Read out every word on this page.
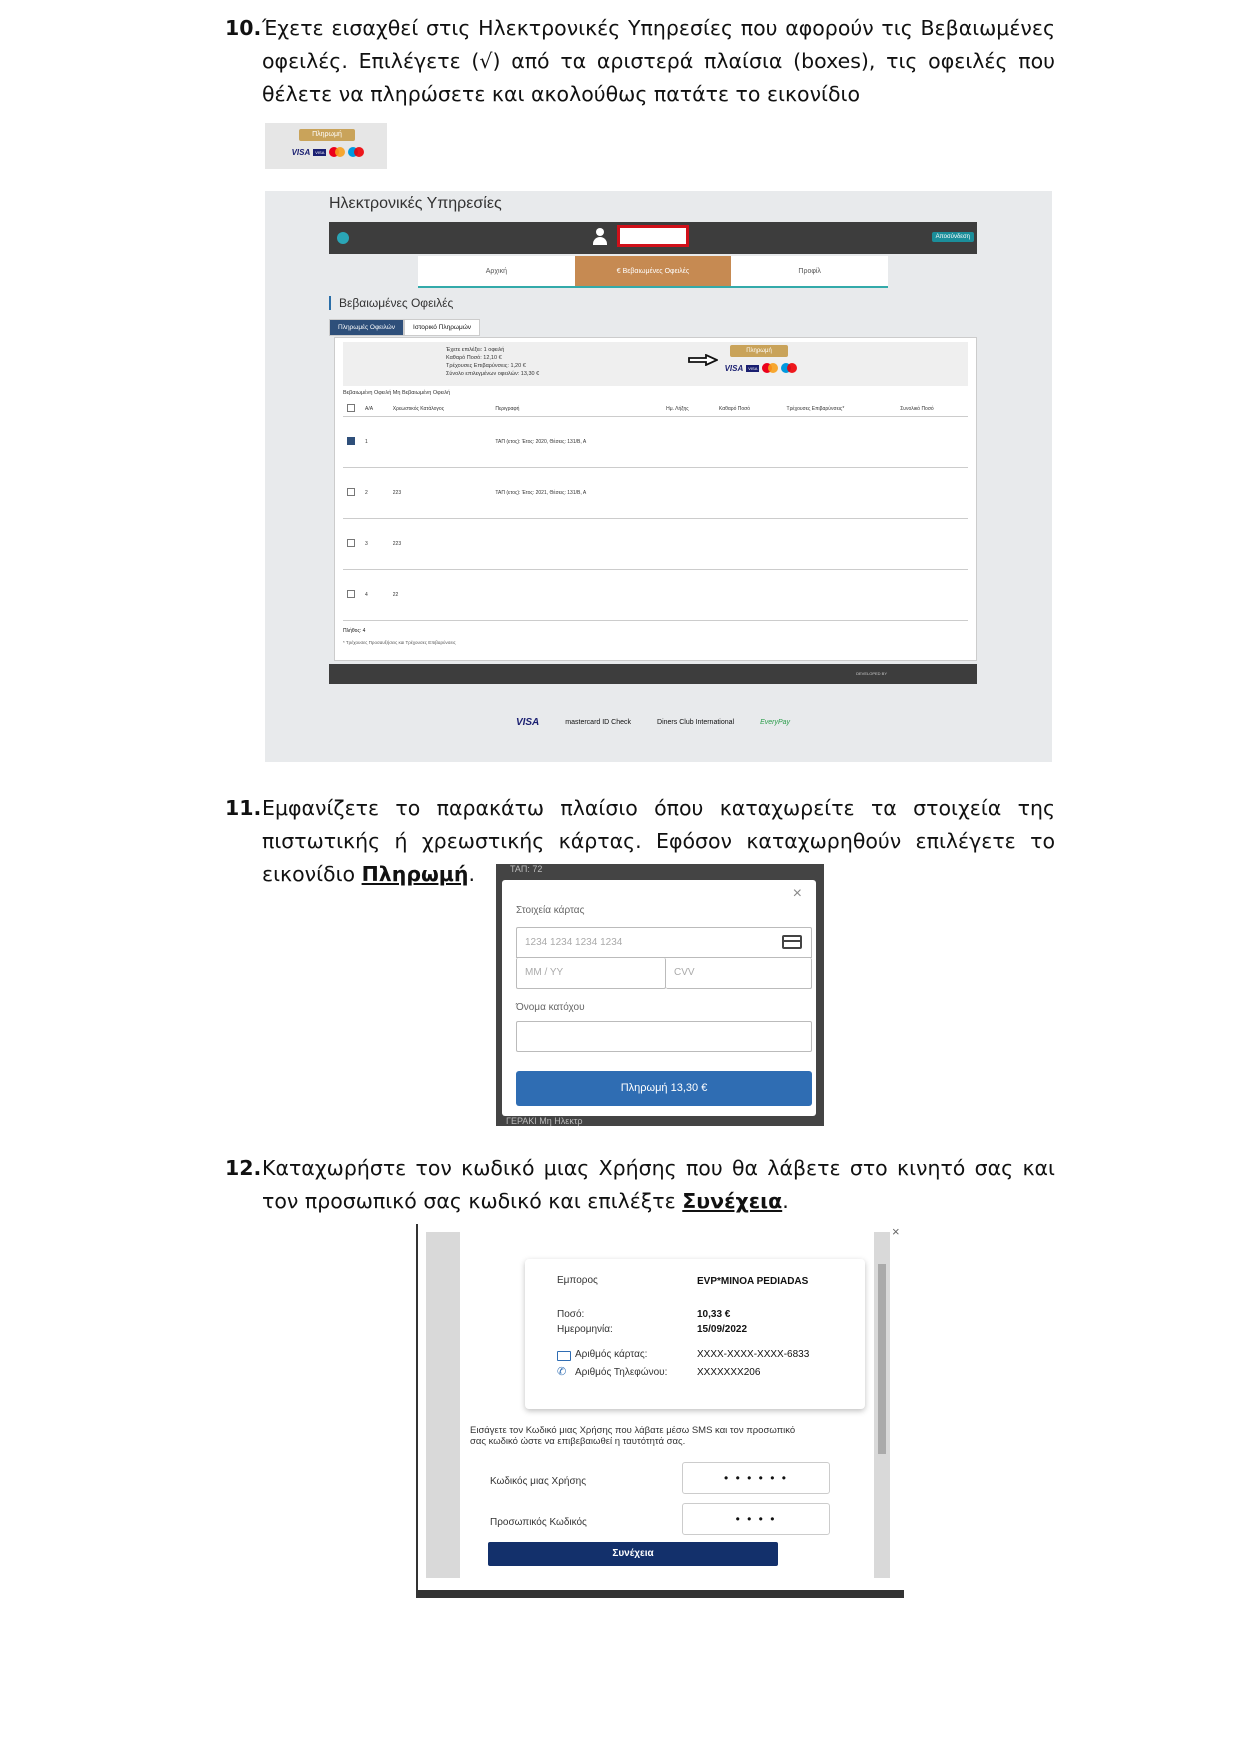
10. Έχετε εισαχθεί στις Ηλεκτρονικές Υπηρεσίες που αφορούν τις Βεβαιωμένες οφειλές. Επιλέγετε (√) από τα αριστερά πλαίσια (boxes), τις οφειλές που θέλετε να πληρώσετε και ακολούθως πατάτε το εικονίδιο
Πληρωμή
VISA	VISA
Ηλεκτρονικές Υπηρεσίες
Αποσύνδεση
Αρχική	€ Βεβαιωμένες Οφειλές	Προφίλ
Βεβαιωμένες Οφειλές
Πληρωμές Οφειλών	Ιστορικό Πληρωμών
Έχετε επιλέξει: 1 οφειλή
Καθαρό Ποσό: 12,10 €
Τρέχουσες Επιβαρύνσεις: 1,20 €
Σύνολο επιλεγμένων οφειλών: 13,30 €
Πληρωμή
VISA	VISA
Βεβαιωμένη Οφειλή Μη Βεβαιωμένη Οφειλή
	Α/Α	Χρεωστικός Κατάλογος	Περιγραφή	Ημ. Λήξης	Καθαρό Ποσό	Τρέχουσες Επιβαρύνσεις*	Συνολικό Ποσό
	1		ΤΑΠ (ετος): Έτος: 2020, Θέσεις: 131/Β, Α				
	2	223	ΤΑΠ (ετος): Έτος: 2021, Θέσεις: 131/Β, Α				
	3	223					
	4	22					
Πλήθος: 4
* Τρέχουσες Προσαυξήσεις και Τρέχουσες Επιβαρύνσεις
DEVELOPED BY

VISA	mastercard ID Check	Diners Club International	EveryPay
11. Εμφανίζετε το παρακάτω πλαίσιο όπου καταχωρείτε τα στοιχεία της πιστωτικής ή χρεωστικής κάρτας. Εφόσον καταχωρηθούν επιλέγετε το εικονίδιο Πληρωμή.	ΤΑΠ: 72
×
Στοιχεία κάρτας
1234 1234 1234 1234
MM / YY	CVV
Όνομα κατόχου
Πληρωμή 13,30 €
ΓΕΡΑΚΙ Μη Ηλεκτρ
12. Καταχωρήστε τον κωδικό μιας Χρήσης που θα λάβετε στο κινητό σας και τον προσωπικό σας κωδικό και επιλέξτε Συνέχεια.
×
Εμπορος	EVP*MINOA PEDIADAS
Ποσό:	10,33 €
Ημερομηνία:	15/09/2022
Αριθμός κάρτας:	XXXX-XXXX-XXXX-6833
✆ Αριθμός Τηλεφώνου:	XXXXXXX206
Εισάγετε τον Κωδικό μιας Χρήσης που λάβατε μέσω SMS και τον προσωπικό σας κωδικό ώστε να επιβεβαιωθεί η ταυτότητά σας.
Κωδικός μιας Χρήσης	• • • • • •
Προσωπικός Κωδικός	• • • •
Συνέχεια
